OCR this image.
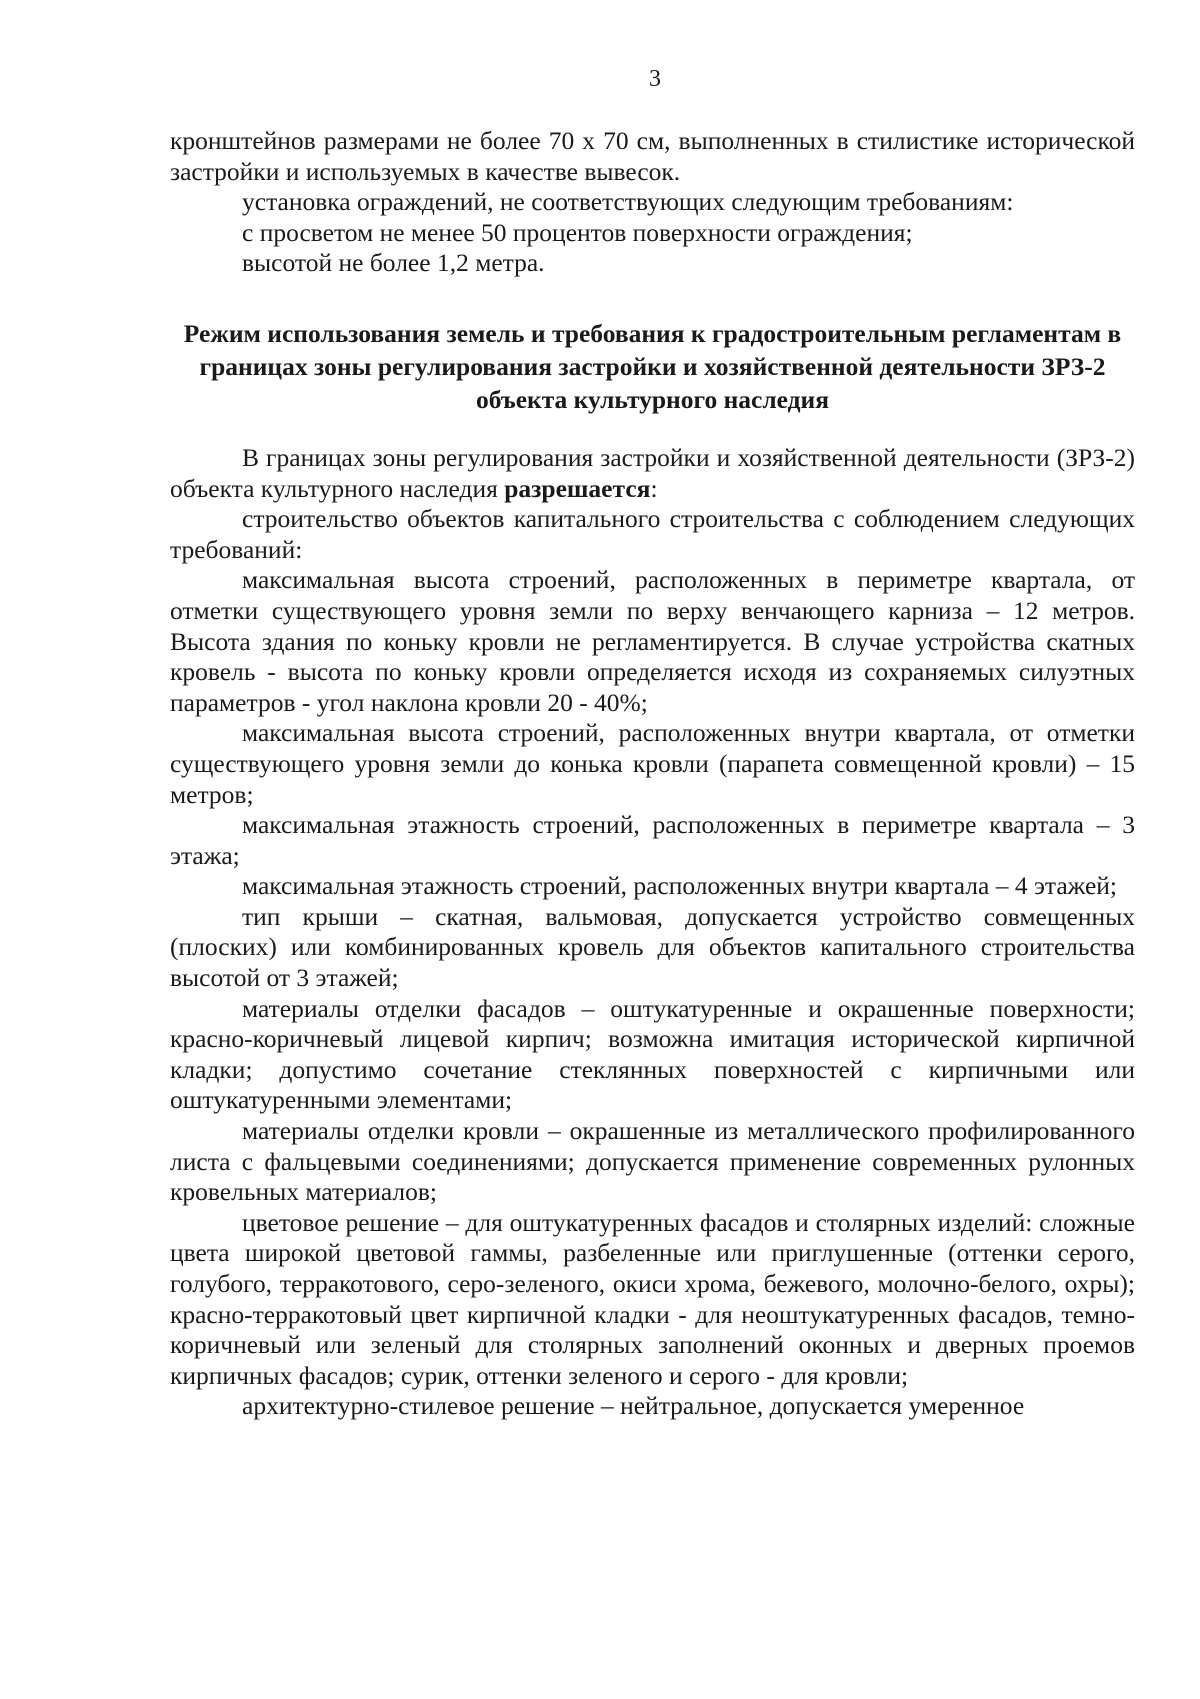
3

кронштейнов размерами не более 70 х 70 см, выполненных в стилистике исторической застройки и используемых в качестве вывесок.

установка ограждений, не соответствующих следующим требованиям:

с просветом не менее 50 процентов поверхности ограждения;

высотой не более 1,2 метра.

Режим использования земель и требования к градостроительным регламентам в границах зоны регулирования застройки и хозяйственной деятельности ЗРЗ-2 объекта культурного наследия

В границах зоны регулирования застройки и хозяйственной деятельности (ЗРЗ-2) объекта культурного наследия разрешается:

строительство объектов капитального строительства с соблюдением следующих требований:

максимальная высота строений, расположенных в периметре квартала, от отметки существующего уровня земли по верху венчающего карниза – 12 метров. Высота здания по коньку кровли не регламентируется. В случае устройства скатных кровель - высота по коньку кровли определяется исходя из сохраняемых силуэтных параметров - угол наклона кровли 20 - 40%;

максимальная высота строений, расположенных внутри квартала, от отметки существующего уровня земли до конька кровли (парапета совмещенной кровли) – 15 метров;

максимальная этажность строений, расположенных в периметре квартала – 3 этажа;

максимальная этажность строений, расположенных внутри квартала – 4 этажей;

тип крыши – скатная, вальмовая, допускается устройство совмещенных (плоских) или комбинированных кровель для объектов капитального строительства высотой от 3 этажей;

материалы отделки фасадов – оштукатуренные и окрашенные поверхности; красно-коричневый лицевой кирпич; возможна имитация исторической кирпичной кладки; допустимо сочетание стеклянных поверхностей с кирпичными или оштукатуренными элементами;

материалы отделки кровли – окрашенные из металлического профилированного листа с фальцевыми соединениями; допускается применение современных рулонных кровельных материалов;

цветовое решение – для оштукатуренных фасадов и столярных изделий: сложные цвета широкой цветовой гаммы, разбеленные или приглушенные (оттенки серого, голубого, терракотового, серо-зеленого, окиси хрома, бежевого, молочно-белого, охры); красно-терракотовый цвет кирпичной кладки - для неоштукатуренных фасадов, темно-коричневый или зеленый для столярных заполнений оконных и дверных проемов кирпичных фасадов; сурик, оттенки зеленого и серого - для кровли;

архитектурно-стилевое решение – нейтральное, допускается умеренное
